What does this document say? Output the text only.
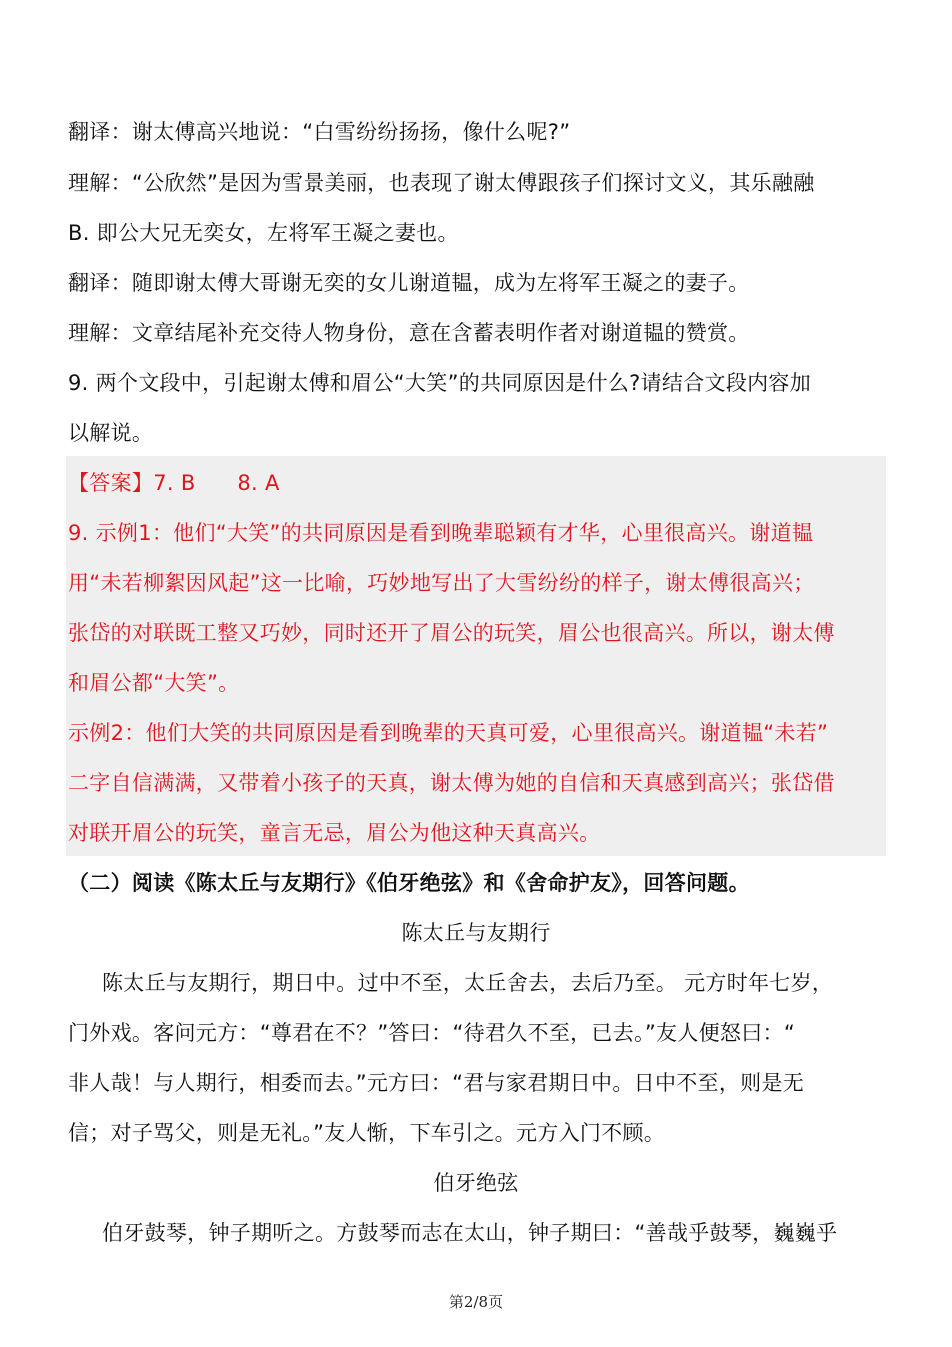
翻译：谢太傅高兴地说：“白雪纷纷扬扬，像什么呢?”
理解：“公欣然”是因为雪景美丽，也表现了谢太傅跟孩子们探讨文义，其乐融融
B. 即公大兄无奕女，左将军王凝之妻也。
翻译：随即谢太傅大哥谢无奕的女儿谢道韫，成为左将军王凝之的妻子。
理解：文章结尾补充交待人物身份，意在含蓄表明作者对谢道韫的赞赏。
9. 两个文段中，引起谢太傅和眉公“大笑”的共同原因是什么?请结合文段内容加
以解说。
【答案】7. B      8. A
9. 示例1：他们“大笑”的共同原因是看到晚辈聪颖有才华，心里很高兴。谢道韫
用“未若柳絮因风起”这一比喻，巧妙地写出了大雪纷纷的样子，谢太傅很高兴；
张岱的对联既工整又巧妙，同时还开了眉公的玩笑，眉公也很高兴。所以，谢太傅
和眉公都“大笑”。
示例2：他们大笑的共同原因是看到晚辈的天真可爱，心里很高兴。谢道韫“未若”
二字自信满满，又带着小孩子的天真，谢太傅为她的自信和天真感到高兴；张岱借
对联开眉公的玩笑，童言无忌，眉公为他这种天真高兴。
（二）阅读《陈太丘与友期行》《伯牙绝弦》和《舍命护友》，回答问题。
陈太丘与友期行
陈太丘与友期行，期日中。过中不至，太丘舍去，去后乃至。 元方时年七岁，
门外戏。客问元方：“尊君在不？”答曰：“待君久不至，已去。”友人便怒曰：“
非人哉！与人期行，相委而去。”元方曰：“君与家君期日中。日中不至，则是无
信；对子骂父，则是无礼。”友人惭，下车引之。元方入门不顾。
伯牙绝弦
伯牙鼓琴，钟子期听之。方鼓琴而志在太山，钟子期曰：“善哉乎鼓琴，巍巍乎
第2/8页
